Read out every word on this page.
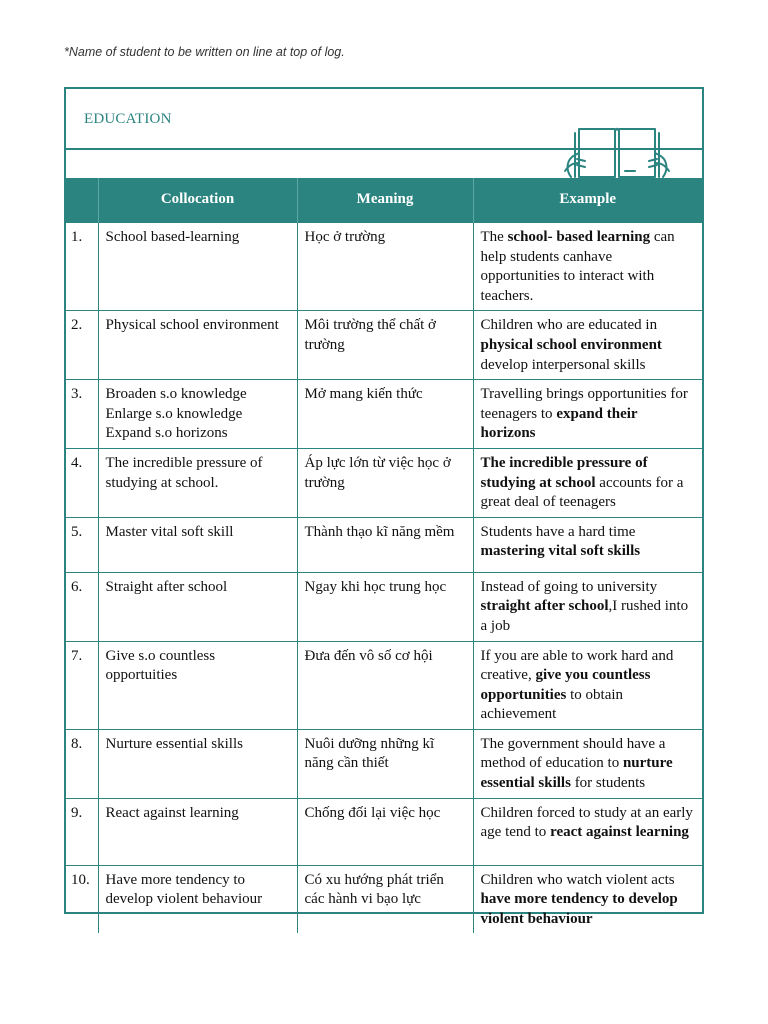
*Name of student to be written on line at top of log.
EDUCATION
	Collocation	Meaning	Example
1.	School based-learning	Học ở trường	The school- based learning can help students canhave opportunities to interact with teachers.
2.	Physical school environment	Môi trường thể chất ở trường	Children who are educated in physical school environment develop interpersonal skills
3.	Broaden s.o knowledge Enlarge s.o knowledge Expand s.o horizons	Mở mang kiến thức	Travelling brings opportunities for teenagers to expand their horizons
4.	The incredible pressure of studying at school.	Áp lực lớn từ việc học ở trường	The incredible pressure of studying at school accounts for a great deal of teenagers
5.	Master vital soft skill	Thành thạo kĩ năng mềm	Students have a hard time mastering vital soft skills
6.	Straight after school	Ngay khi học trung học	Instead of going to university straight after school,I rushed into a job
7.	Give s.o countless opportuities	Đưa đến vô số cơ hội	If you are able to work hard and creative, give you countless opportunities to obtain achievement
8.	Nurture essential skills	Nuôi dưỡng những kĩ năng cần thiết	The government should have a method of education to nurture essential skills for students
9.	React against learning	Chống đối lại việc học	Children forced to study at an early age tend to react against learning
10.	Have more tendency to develop violent behaviour	Có xu hướng phát triển các hành vi bạo lực	Children who watch violent acts have more tendency to develop violent behaviour
